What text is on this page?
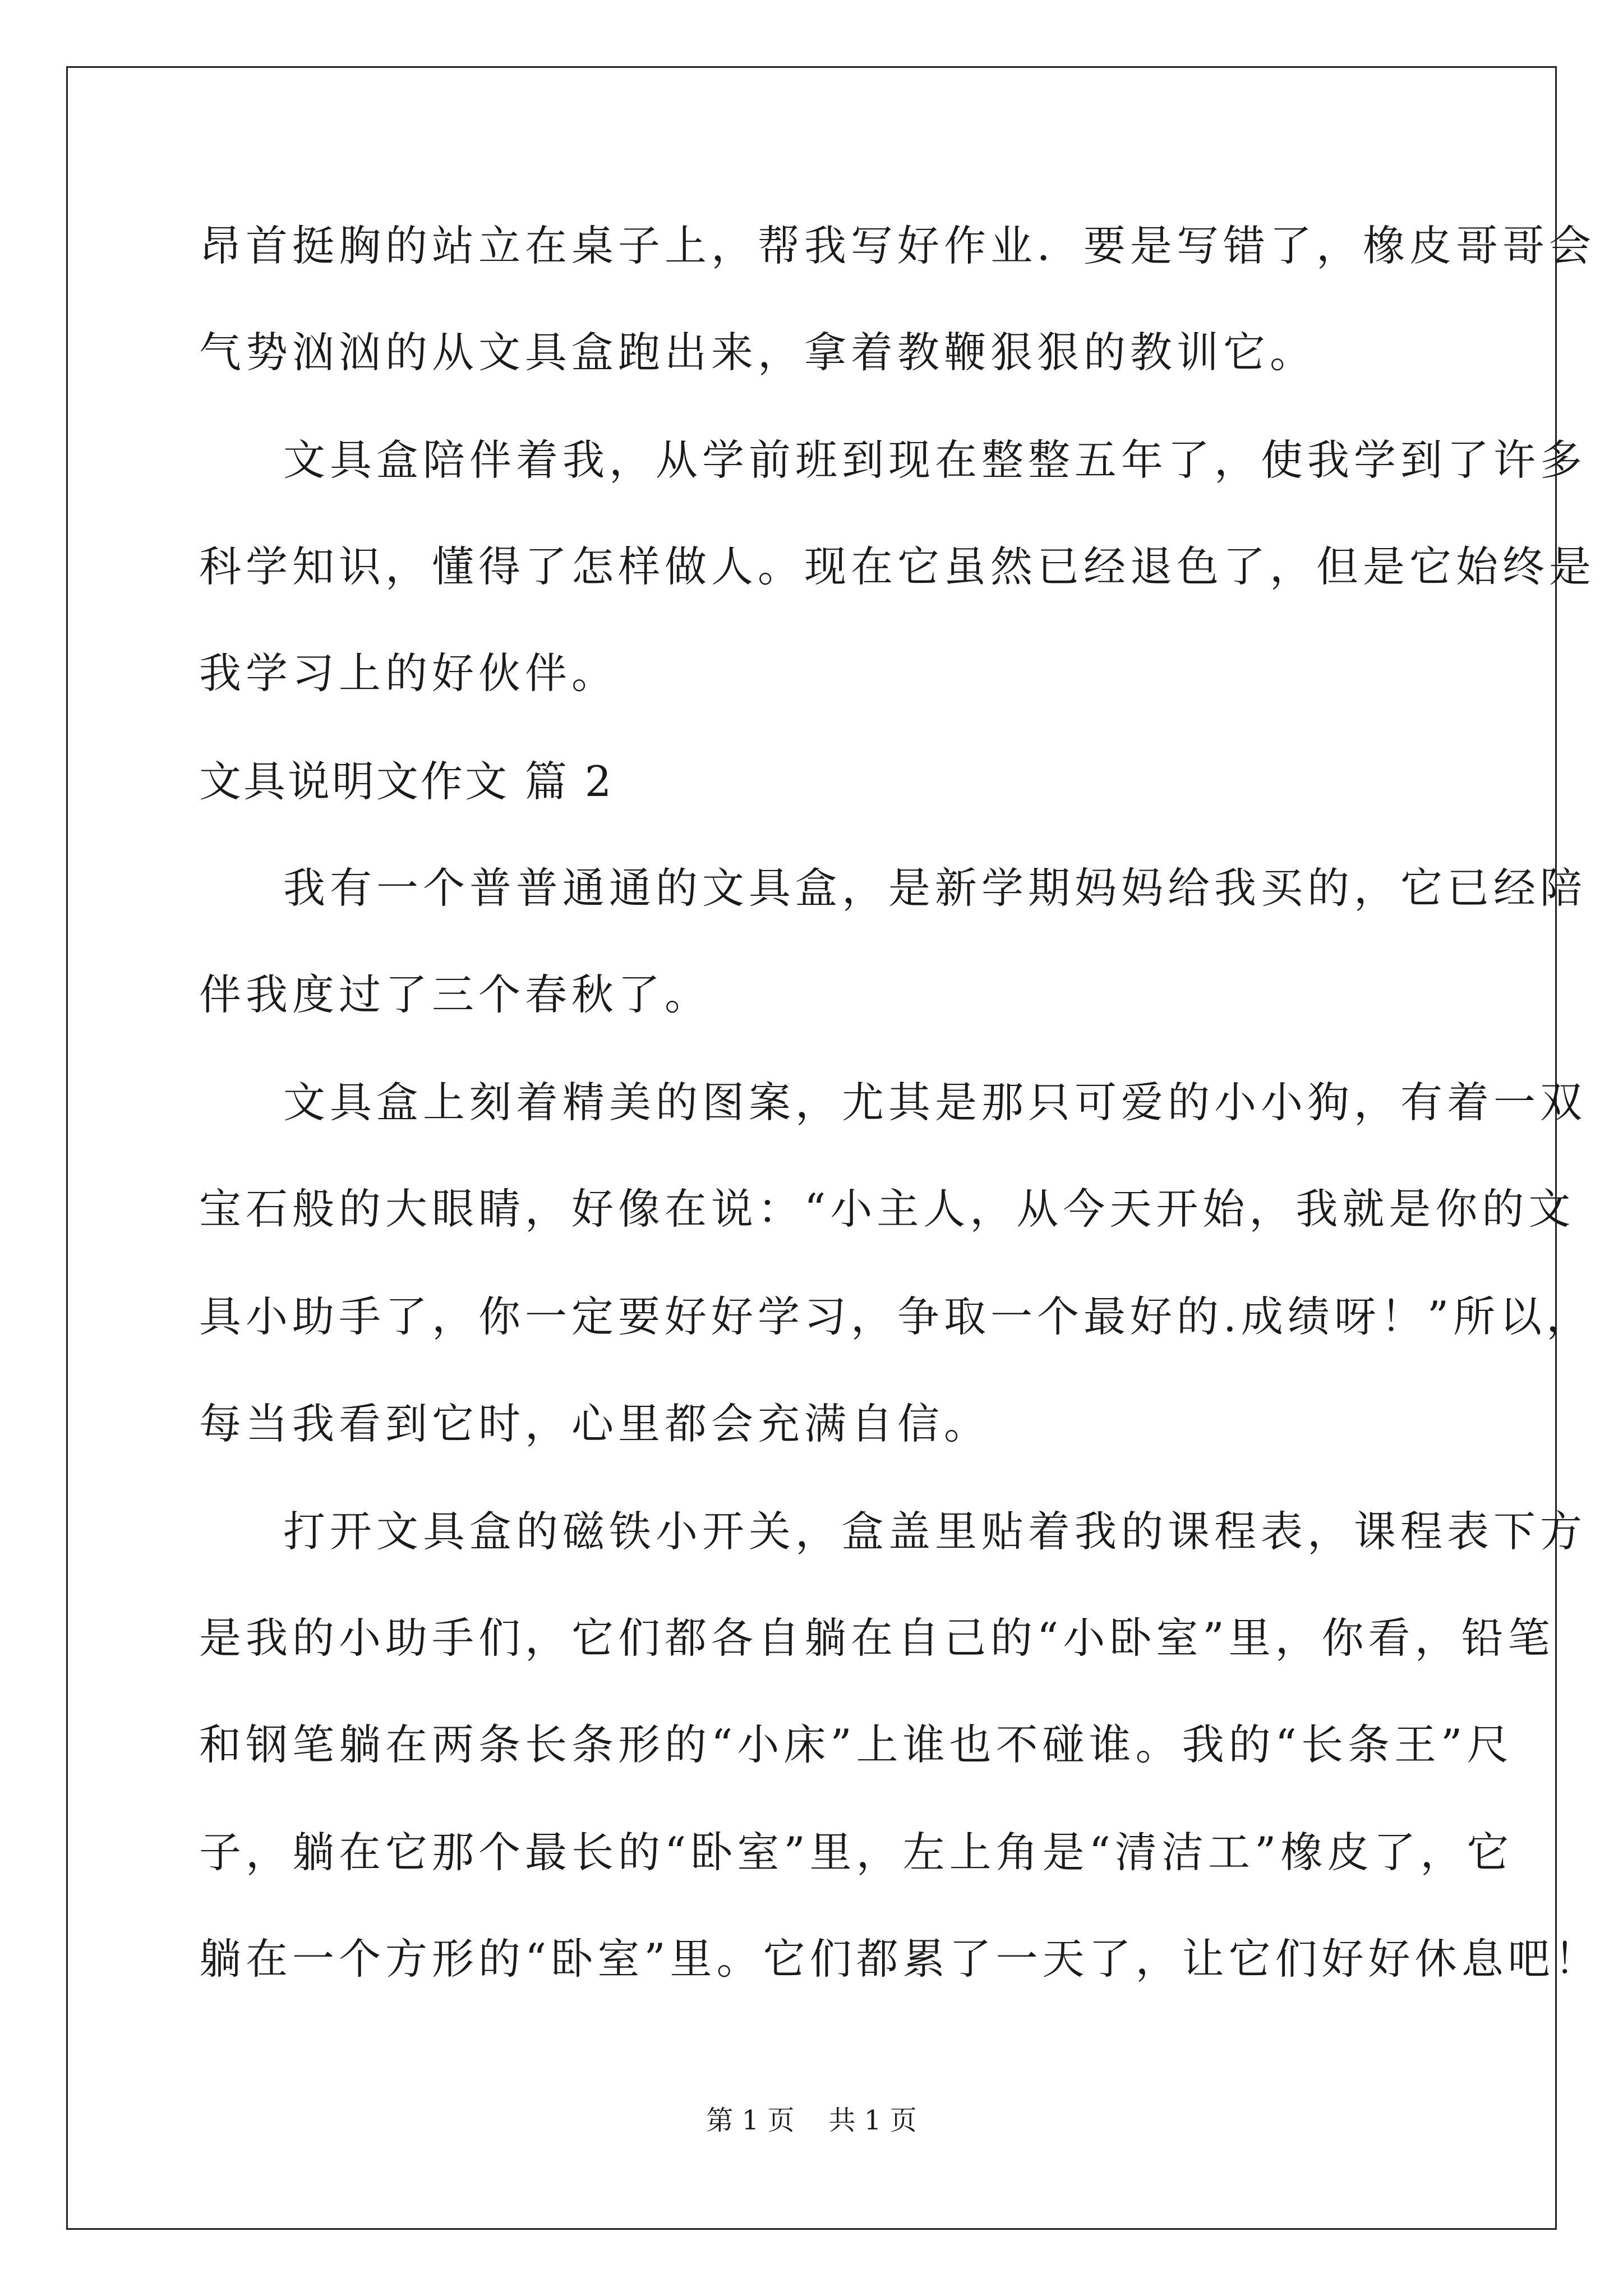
昂首挺胸的站立在桌子上，帮我写好作业．要是写错了，橡皮哥哥会
气势汹汹的从文具盒跑出来，拿着教鞭狠狠的教训它。
文具盒陪伴着我，从学前班到现在整整五年了，使我学到了许多
科学知识，懂得了怎样做人。现在它虽然已经退色了，但是它始终是
我学习上的好伙伴。
文具说明文作文 篇 2
我有一个普普通通的文具盒，是新学期妈妈给我买的，它已经陪
伴我度过了三个春秋了。
文具盒上刻着精美的图案，尤其是那只可爱的小小狗，有着一双
宝石般的大眼睛，好像在说：“小主人，从今天开始，我就是你的文
具小助手了，你一定要好好学习，争取一个最好的.成绩呀！”所以，
每当我看到它时，心里都会充满自信。
打开文具盒的磁铁小开关，盒盖里贴着我的课程表，课程表下方
是我的小助手们，它们都各自躺在自己的“小卧室”里，你看，铅笔
和钢笔躺在两条长条形的“小床”上谁也不碰谁。我的“长条王”尺
子，躺在它那个最长的“卧室”里，左上角是“清洁工”橡皮了，它
躺在一个方形的“卧室”里。它们都累了一天了，让它们好好休息吧！
第 1 页    共 1 页
